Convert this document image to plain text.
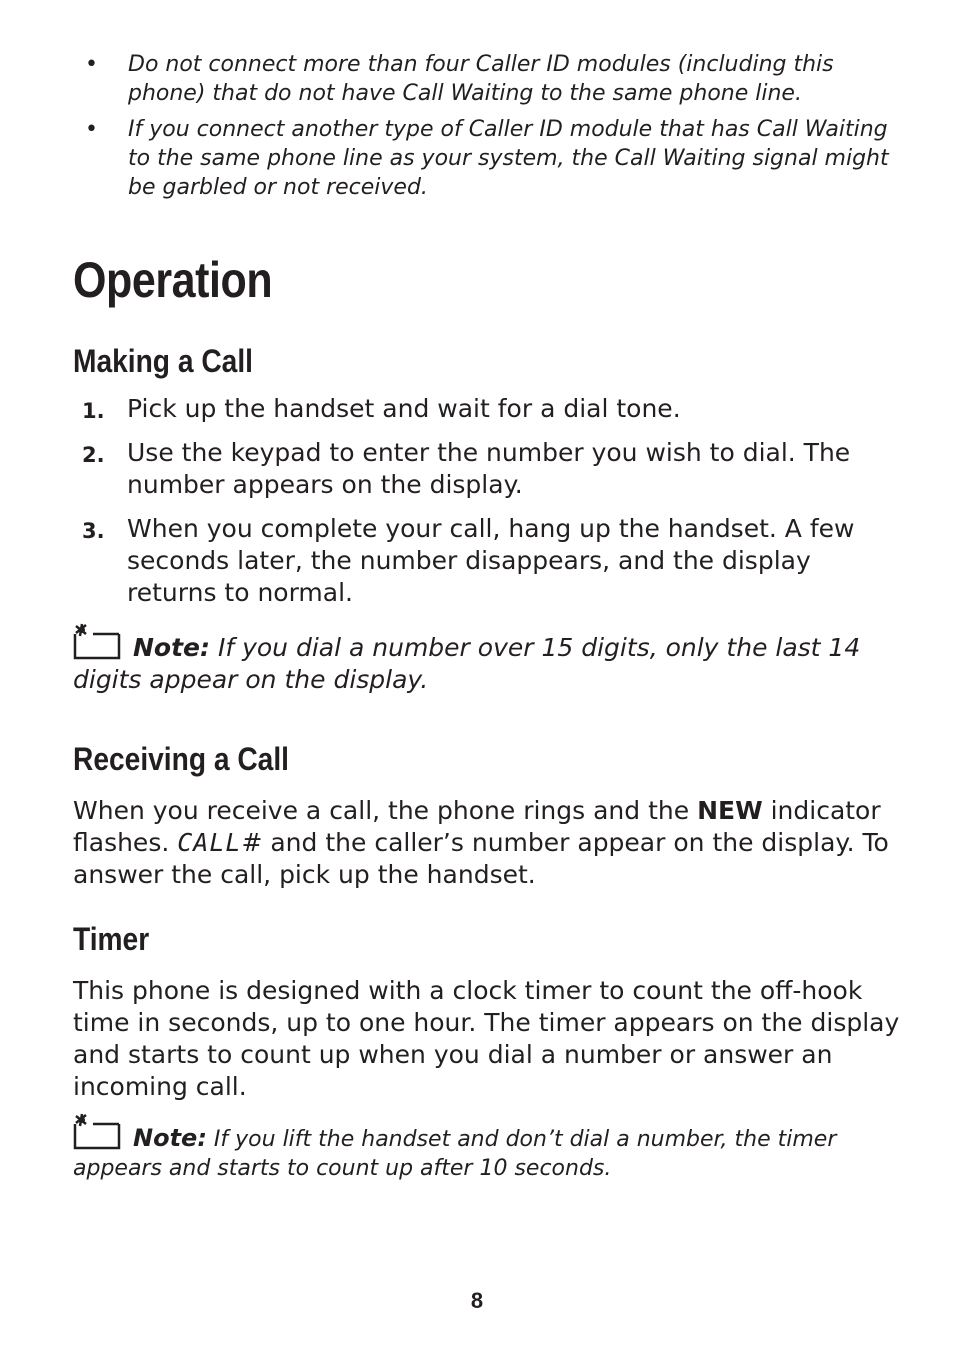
• Do not connect more than four Caller ID modules (including this phone) that do not have Call Waiting to the same phone line.
• If you connect another type of Caller ID module that has Call Waiting to the same phone line as your system, the Call Waiting signal might be garbled or not received.
Operation
Making a Call
1. Pick up the handset and wait for a dial tone.
2. Use the keypad to enter the number you wish to dial. The number appears on the display.
3. When you complete your call, hang up the handset. A few seconds later, the number disappears, and the display returns to normal.
Note: If you dial a number over 15 digits, only the last 14 digits appear on the display.
Receiving a Call
When you receive a call, the phone rings and the NEW indicator flashes. CALL# and the caller’s number appear on the display. To answer the call, pick up the handset.
Timer
This phone is designed with a clock timer to count the off-hook time in seconds, up to one hour. The timer appears on the display and starts to count up when you dial a number or answer an incoming call.
Note: If you lift the handset and don’t dial a number, the timer appears and starts to count up after 10 seconds.
8
